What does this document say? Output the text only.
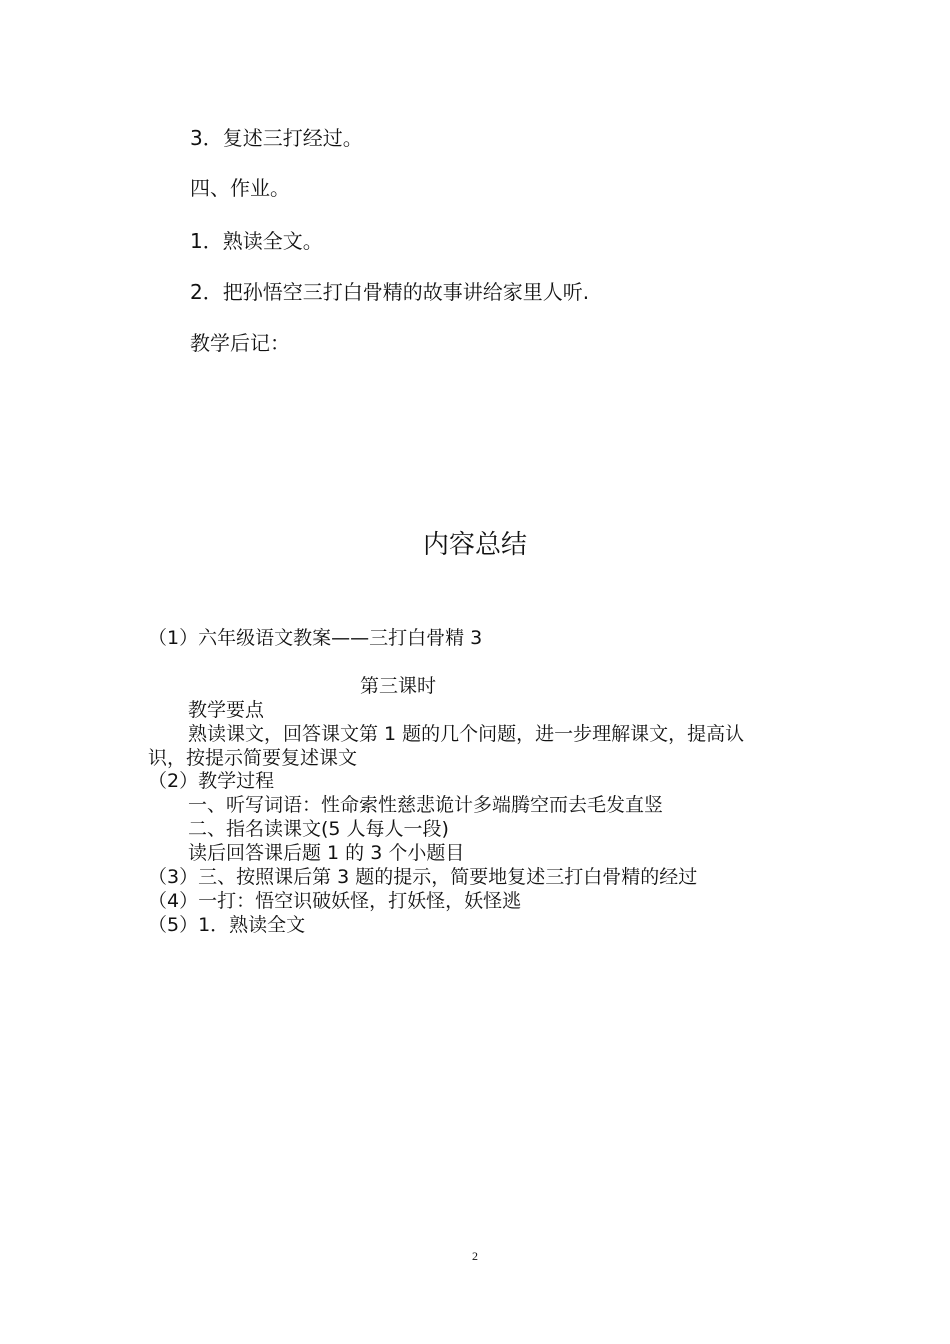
3．复述三打经过。
四、作业。
1．熟读全文。
2．把孙悟空三打白骨精的故事讲给家里人听.
教学后记：
内容总结
（1）六年级语文教案——三打白骨精 3
第三课时
教学要点
熟读课文，回答课文第 1 题的几个问题，进一步理解课文，提高认
识，按提示简要复述课文
（2）教学过程
一、听写词语：性命索性慈悲诡计多端腾空而去毛发直竖
二、指名读课文(5 人每人一段)
读后回答课后题 1 的 3 个小题目
（3）三、按照课后第 3 题的提示，简要地复述三打白骨精的经过
（4）一打：悟空识破妖怪，打妖怪，妖怪逃
（5）1．熟读全文
2
